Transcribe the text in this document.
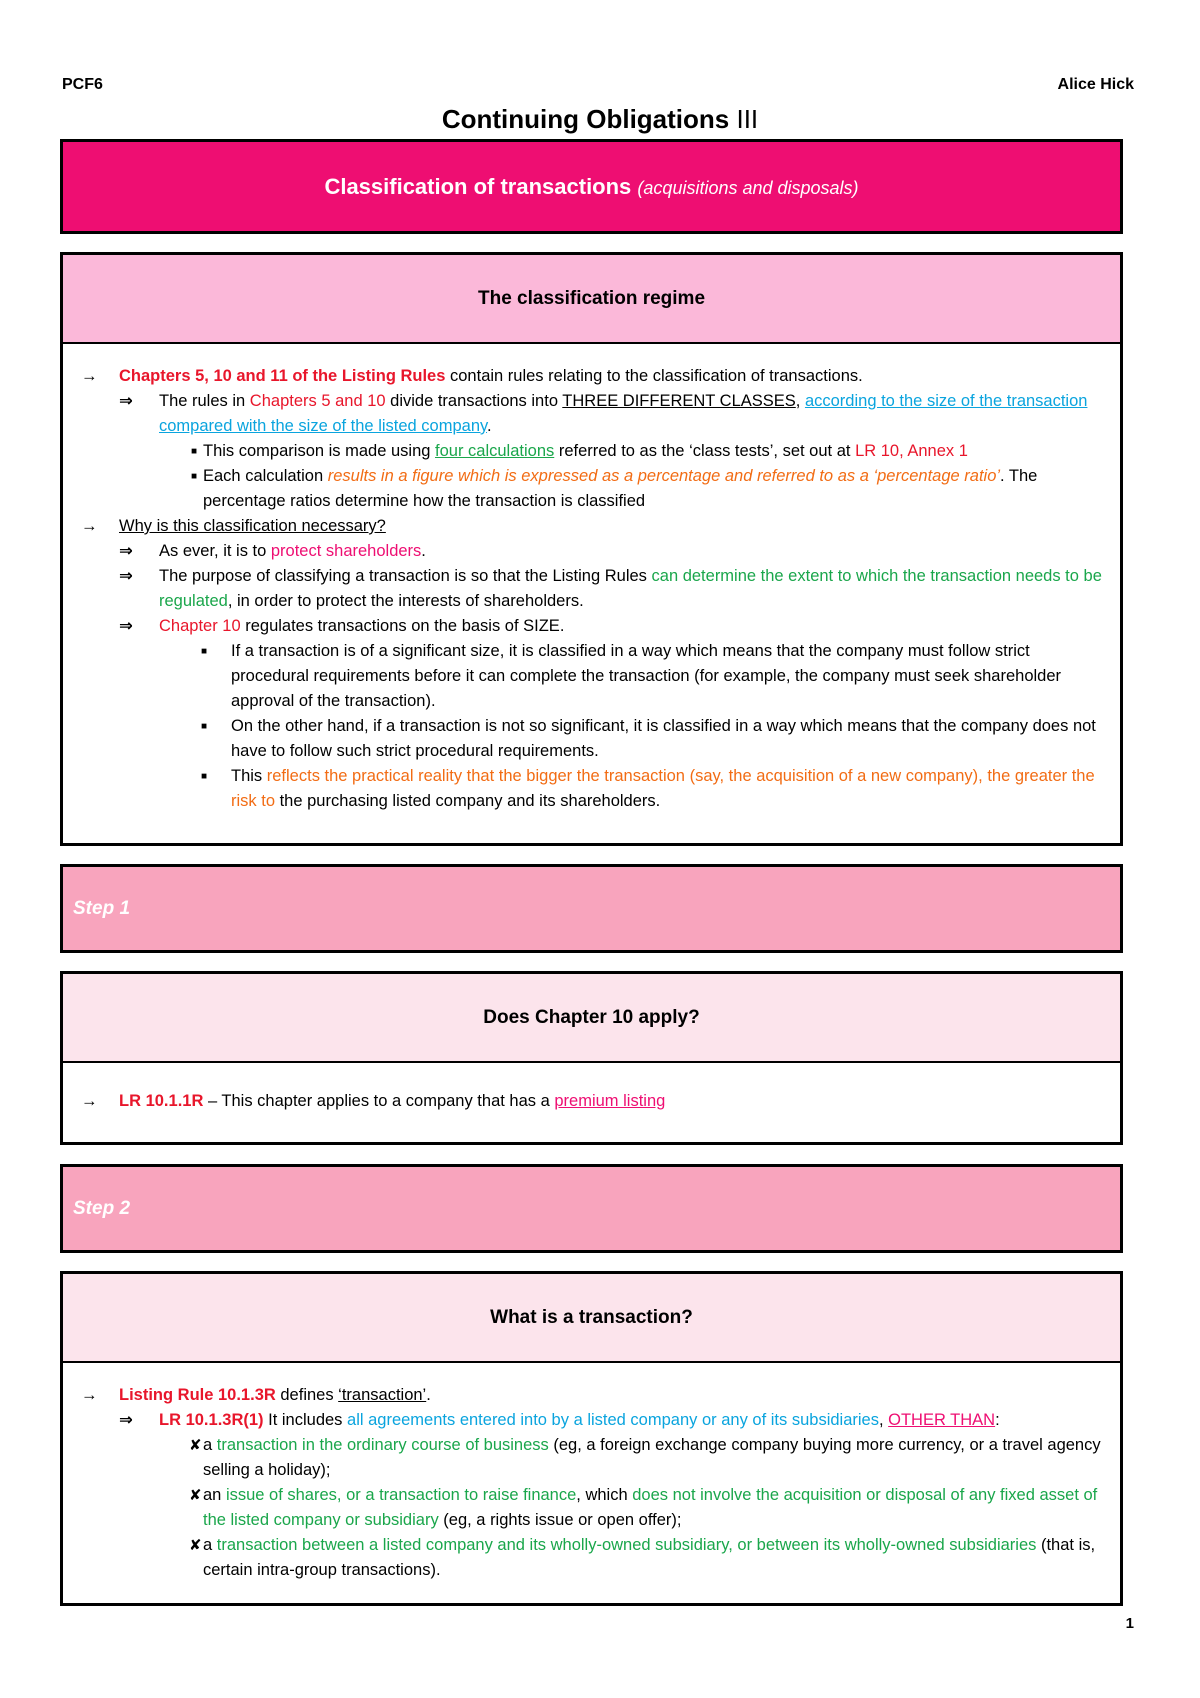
PCF6	Alice Hick
Continuing Obligations III
Classification of transactions (acquisitions and disposals)
The classification regime
→ Chapters 5, 10 and 11 of the Listing Rules contain rules relating to the classification of transactions.
⇒ The rules in Chapters 5 and 10 divide transactions into THREE DIFFERENT CLASSES, according to the size of the transaction compared with the size of the listed company.
■ This comparison is made using four calculations referred to as the ‘class tests’, set out at LR 10, Annex 1
■ Each calculation results in a figure which is expressed as a percentage and referred to as a ‘percentage ratio’. The percentage ratios determine how the transaction is classified
→ Why is this classification necessary?
⇒ As ever, it is to protect shareholders.
⇒ The purpose of classifying a transaction is so that the Listing Rules can determine the extent to which the transaction needs to be regulated, in order to protect the interests of shareholders.
⇒ Chapter 10 regulates transactions on the basis of SIZE.
■ If a transaction is of a significant size, it is classified in a way which means that the company must follow strict procedural requirements before it can complete the transaction (for example, the company must seek shareholder approval of the transaction).
■ On the other hand, if a transaction is not so significant, it is classified in a way which means that the company does not have to follow such strict procedural requirements.
■ This reflects the practical reality that the bigger the transaction (say, the acquisition of a new company), the greater the risk to the purchasing listed company and its shareholders.
Step 1
Does Chapter 10 apply?
→ LR 10.1.1R – This chapter applies to a company that has a premium listing
Step 2
What is a transaction?
→ Listing Rule 10.1.3R defines ‘transaction’.
⇒ LR 10.1.3R(1) It includes all agreements entered into by a listed company or any of its subsidiaries, OTHER THAN:
✘ a transaction in the ordinary course of business (eg, a foreign exchange company buying more currency, or a travel agency selling a holiday);
✘ an issue of shares, or a transaction to raise finance, which does not involve the acquisition or disposal of any fixed asset of the listed company or subsidiary (eg, a rights issue or open offer);
✘ a transaction between a listed company and its wholly-owned subsidiary, or between its wholly-owned subsidiaries (that is, certain intra-group transactions).
1
